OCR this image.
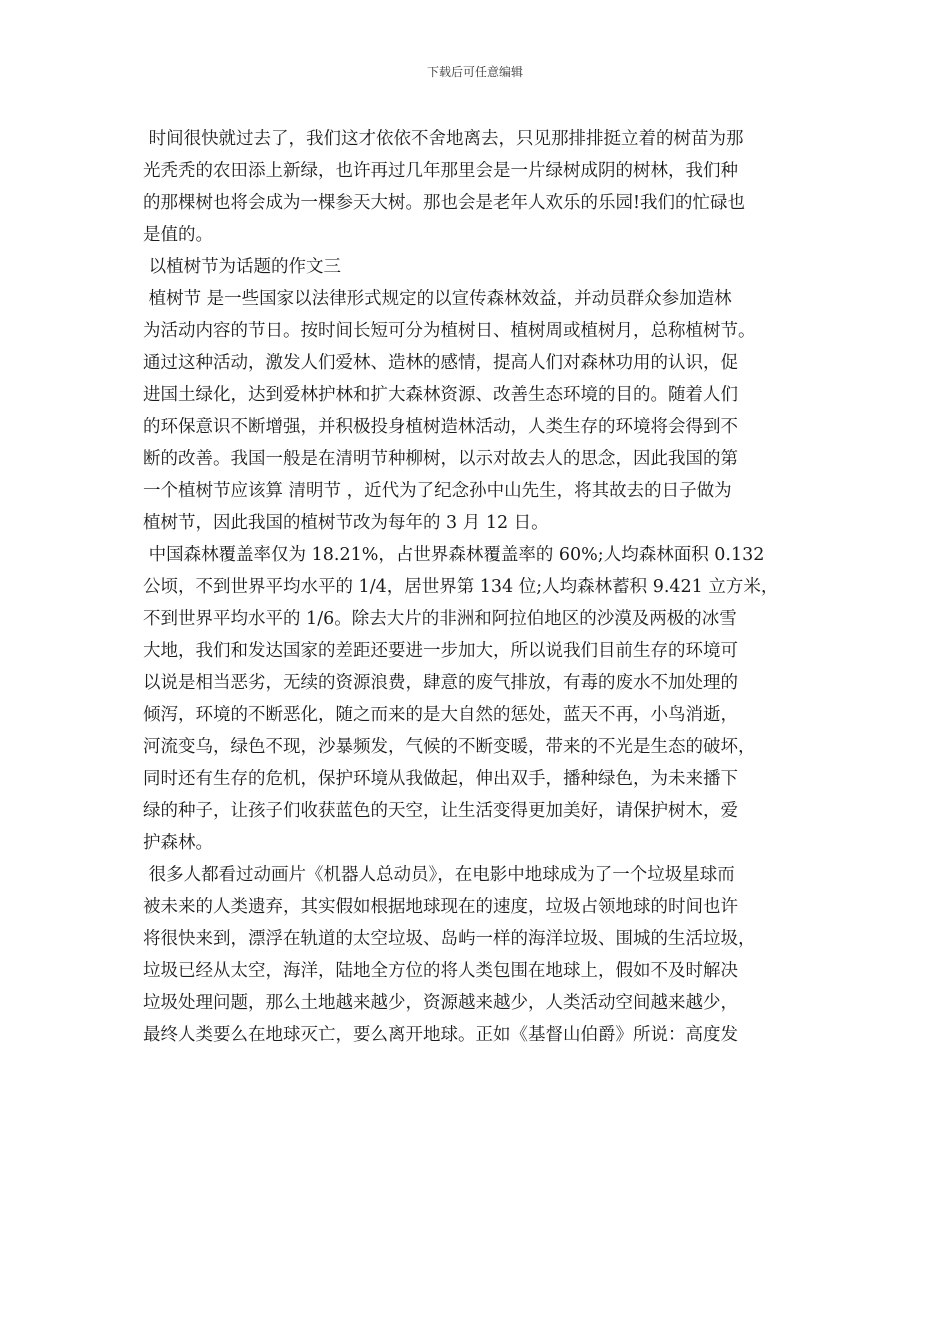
下载后可任意编辑
时间很快就过去了，我们这才依依不舍地离去，只见那排排挺立着的树苗为那
光秃秃的农田添上新绿，也许再过几年那里会是一片绿树成阴的树林，我们种
的那棵树也将会成为一棵参天大树。那也会是老年人欢乐的乐园!我们的忙碌也
是值的。
以植树节为话题的作文三
植树节 是一些国家以法律形式规定的以宣传森林效益，并动员群众参加造林
为活动内容的节日。按时间长短可分为植树日、植树周或植树月，总称植树节。
通过这种活动，激发人们爱林、造林的感情，提高人们对森林功用的认识，促
进国土绿化，达到爱林护林和扩大森林资源、改善生态环境的目的。随着人们
的环保意识不断增强，并积极投身植树造林活动，人类生存的环境将会得到不
断的改善。我国一般是在清明节种柳树，以示对故去人的思念，因此我国的第
一个植树节应该算 清明节 ，近代为了纪念孙中山先生，将其故去的日子做为
植树节，因此我国的植树节改为每年的 3 月 12 日。
中国森林覆盖率仅为 18.21%，占世界森林覆盖率的 60%;人均森林面积 0.132
公顷，不到世界平均水平的 1/4，居世界第 134 位;人均森林蓄积 9.421 立方米，
不到世界平均水平的 1/6。除去大片的非洲和阿拉伯地区的沙漠及两极的冰雪
大地，我们和发达国家的差距还要进一步加大，所以说我们目前生存的环境可
以说是相当恶劣，无续的资源浪费，肆意的废气排放，有毒的废水不加处理的
倾泻，环境的不断恶化，随之而来的是大自然的惩处，蓝天不再，小鸟消逝，
河流变乌，绿色不现，沙暴频发，气候的不断变暖，带来的不光是生态的破坏，
同时还有生存的危机，保护环境从我做起，伸出双手，播种绿色，为未来播下
绿的种子，让孩子们收获蓝色的天空，让生活变得更加美好，请保护树木，爱
护森林。
很多人都看过动画片《机器人总动员》，在电影中地球成为了一个垃圾星球而
被未来的人类遗弃，其实假如根据地球现在的速度，垃圾占领地球的时间也许
将很快来到，漂浮在轨道的太空垃圾、岛屿一样的海洋垃圾、围城的生活垃圾，
垃圾已经从太空，海洋，陆地全方位的将人类包围在地球上，假如不及时解决
垃圾处理问题，那么土地越来越少，资源越来越少，人类活动空间越来越少，
最终人类要么在地球灭亡，要么离开地球。正如《基督山伯爵》所说：高度发
